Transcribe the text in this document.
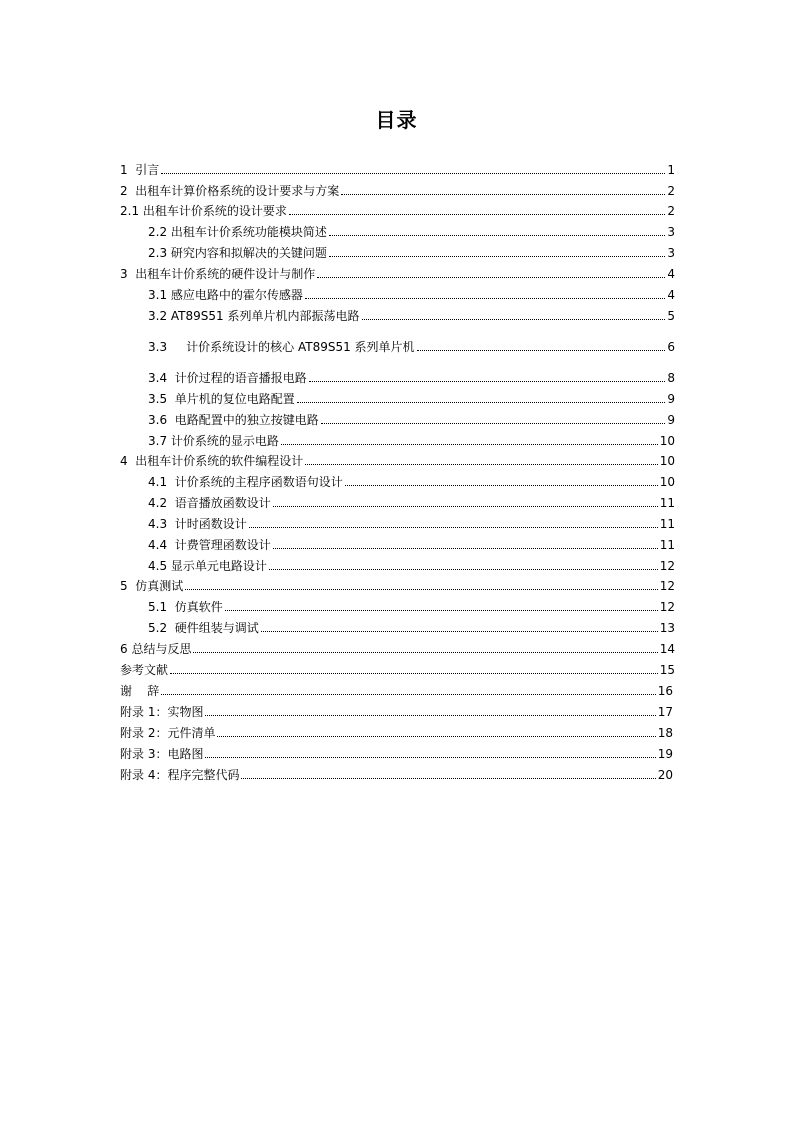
目录
1 引言	1
2 出租车计算价格系统的设计要求与方案	2
2.1 出租车计价系统的设计要求	2
2.2 出租车计价系统功能模块简述	3
2.3 研究内容和拟解决的关键问题	3
3 出租车计价系统的硬件设计与制作	4
3.1 感应电路中的霍尔传感器	4
3.2 AT89S51 系列单片机内部振荡电路	5
3.3 计价系统设计的核心 AT89S51 系列单片机	6
3.4 计价过程的语音播报电路	8
3.5 单片机的复位电路配置	9
3.6 电路配置中的独立按键电路	9
3.7 计价系统的显示电路	10
4 出租车计价系统的软件编程设计	10
4.1 计价系统的主程序函数语句设计	10
4.2 语音播放函数设计	11
4.3 计时函数设计	11
4.4 计费管理函数设计	11
4.5 显示单元电路设计	12
5 仿真测试	12
5.1 仿真软件	12
5.2 硬件组装与调试	13
6 总结与反思	14
参考文献	15
谢    辞	16
附录 1：实物图	17
附录 2：元件清单	18
附录 3：电路图	19
附录 4：程序完整代码	20
